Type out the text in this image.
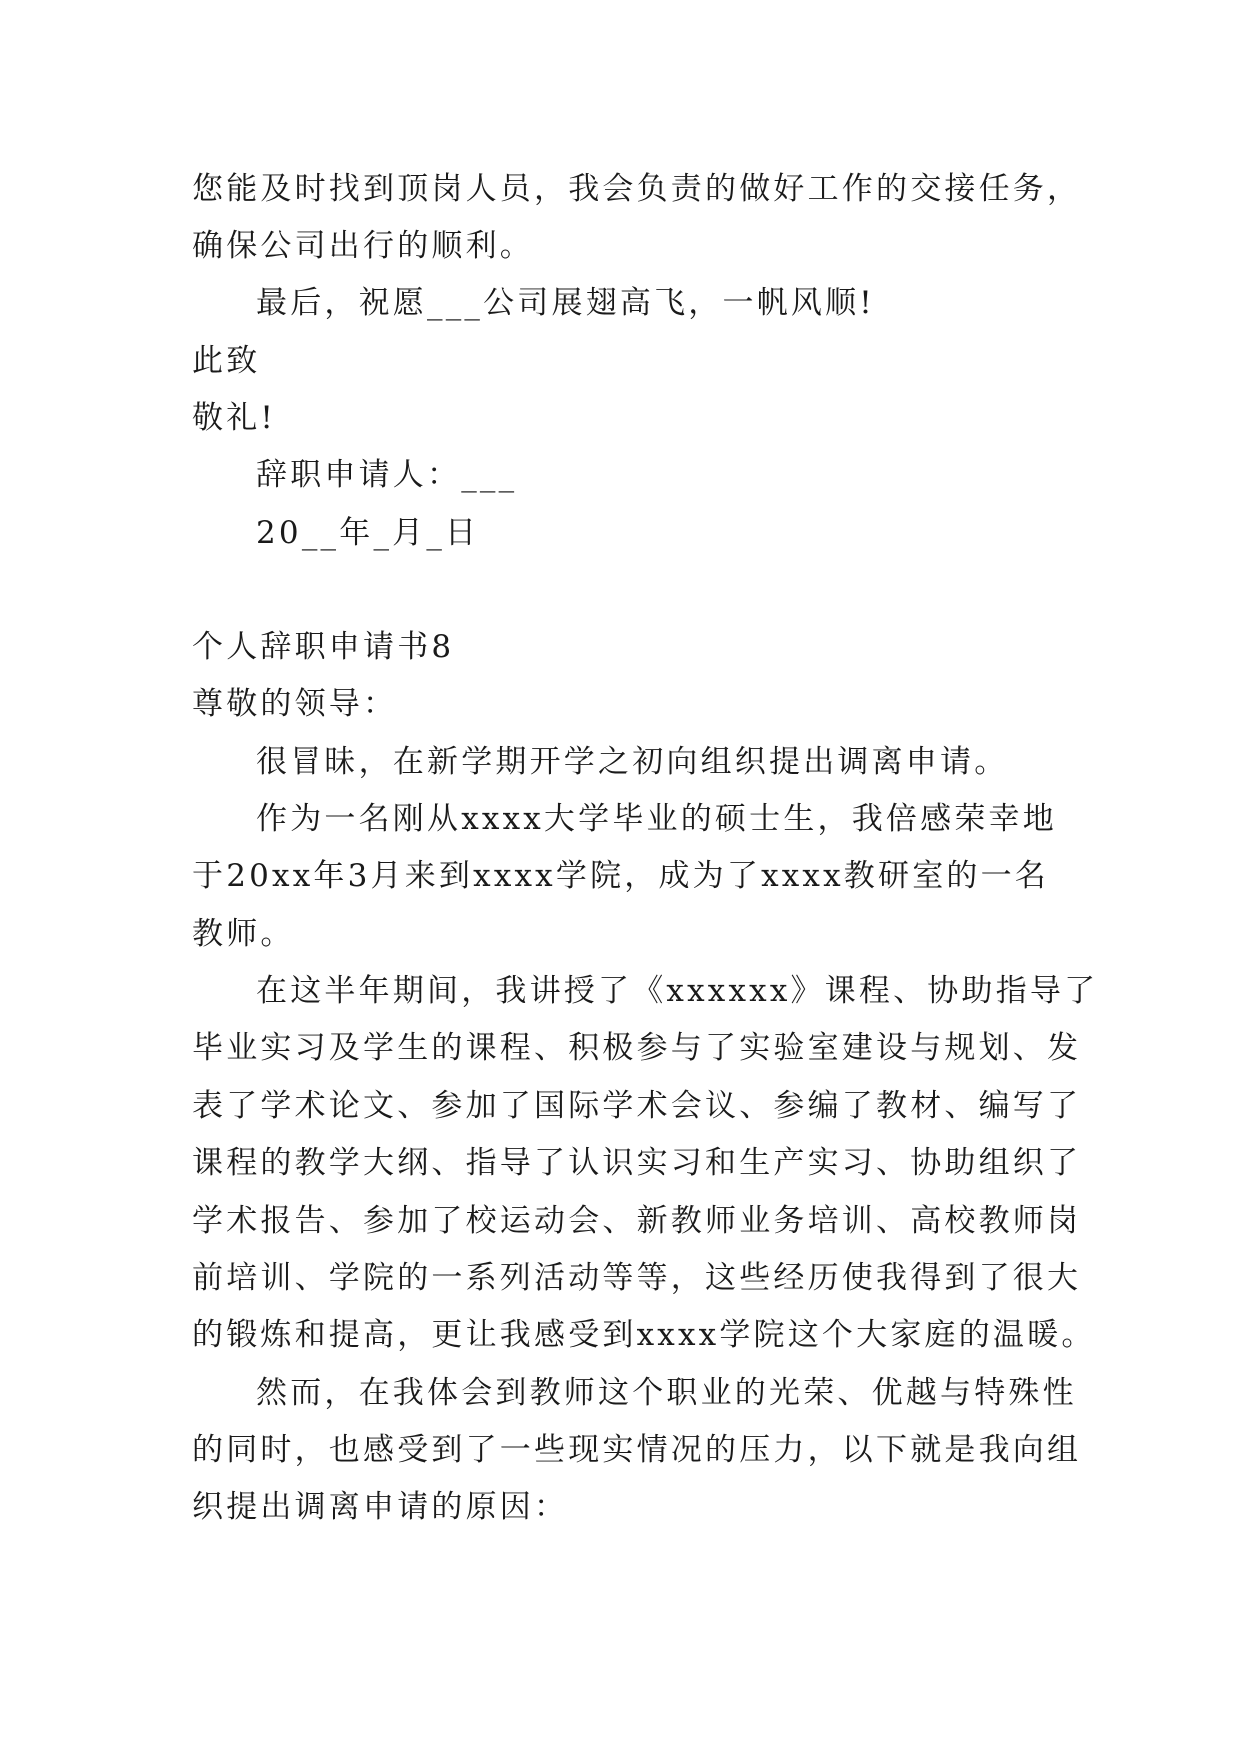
您能及时找到顶岗人员，我会负责的做好工作的交接任务，
确保公司出行的顺利。
最后，祝愿___公司展翅高飞，一帆风顺!
此致
敬礼!
辞职申请人：___
20__年_月_日
个人辞职申请书8
尊敬的领导：
很冒昧，在新学期开学之初向组织提出调离申请。
作为一名刚从xxxx大学毕业的硕士生，我倍感荣幸地
于20xx年3月来到xxxx学院，成为了xxxx教研室的一名
教师。
在这半年期间，我讲授了《xxxxxx》课程、协助指导了
毕业实习及学生的课程、积极参与了实验室建设与规划、发
表了学术论文、参加了国际学术会议、参编了教材、编写了
课程的教学大纲、指导了认识实习和生产实习、协助组织了
学术报告、参加了校运动会、新教师业务培训、高校教师岗
前培训、学院的一系列活动等等，这些经历使我得到了很大
的锻炼和提高，更让我感受到xxxx学院这个大家庭的温暖。
然而，在我体会到教师这个职业的光荣、优越与特殊性
的同时，也感受到了一些现实情况的压力，以下就是我向组
织提出调离申请的原因：
